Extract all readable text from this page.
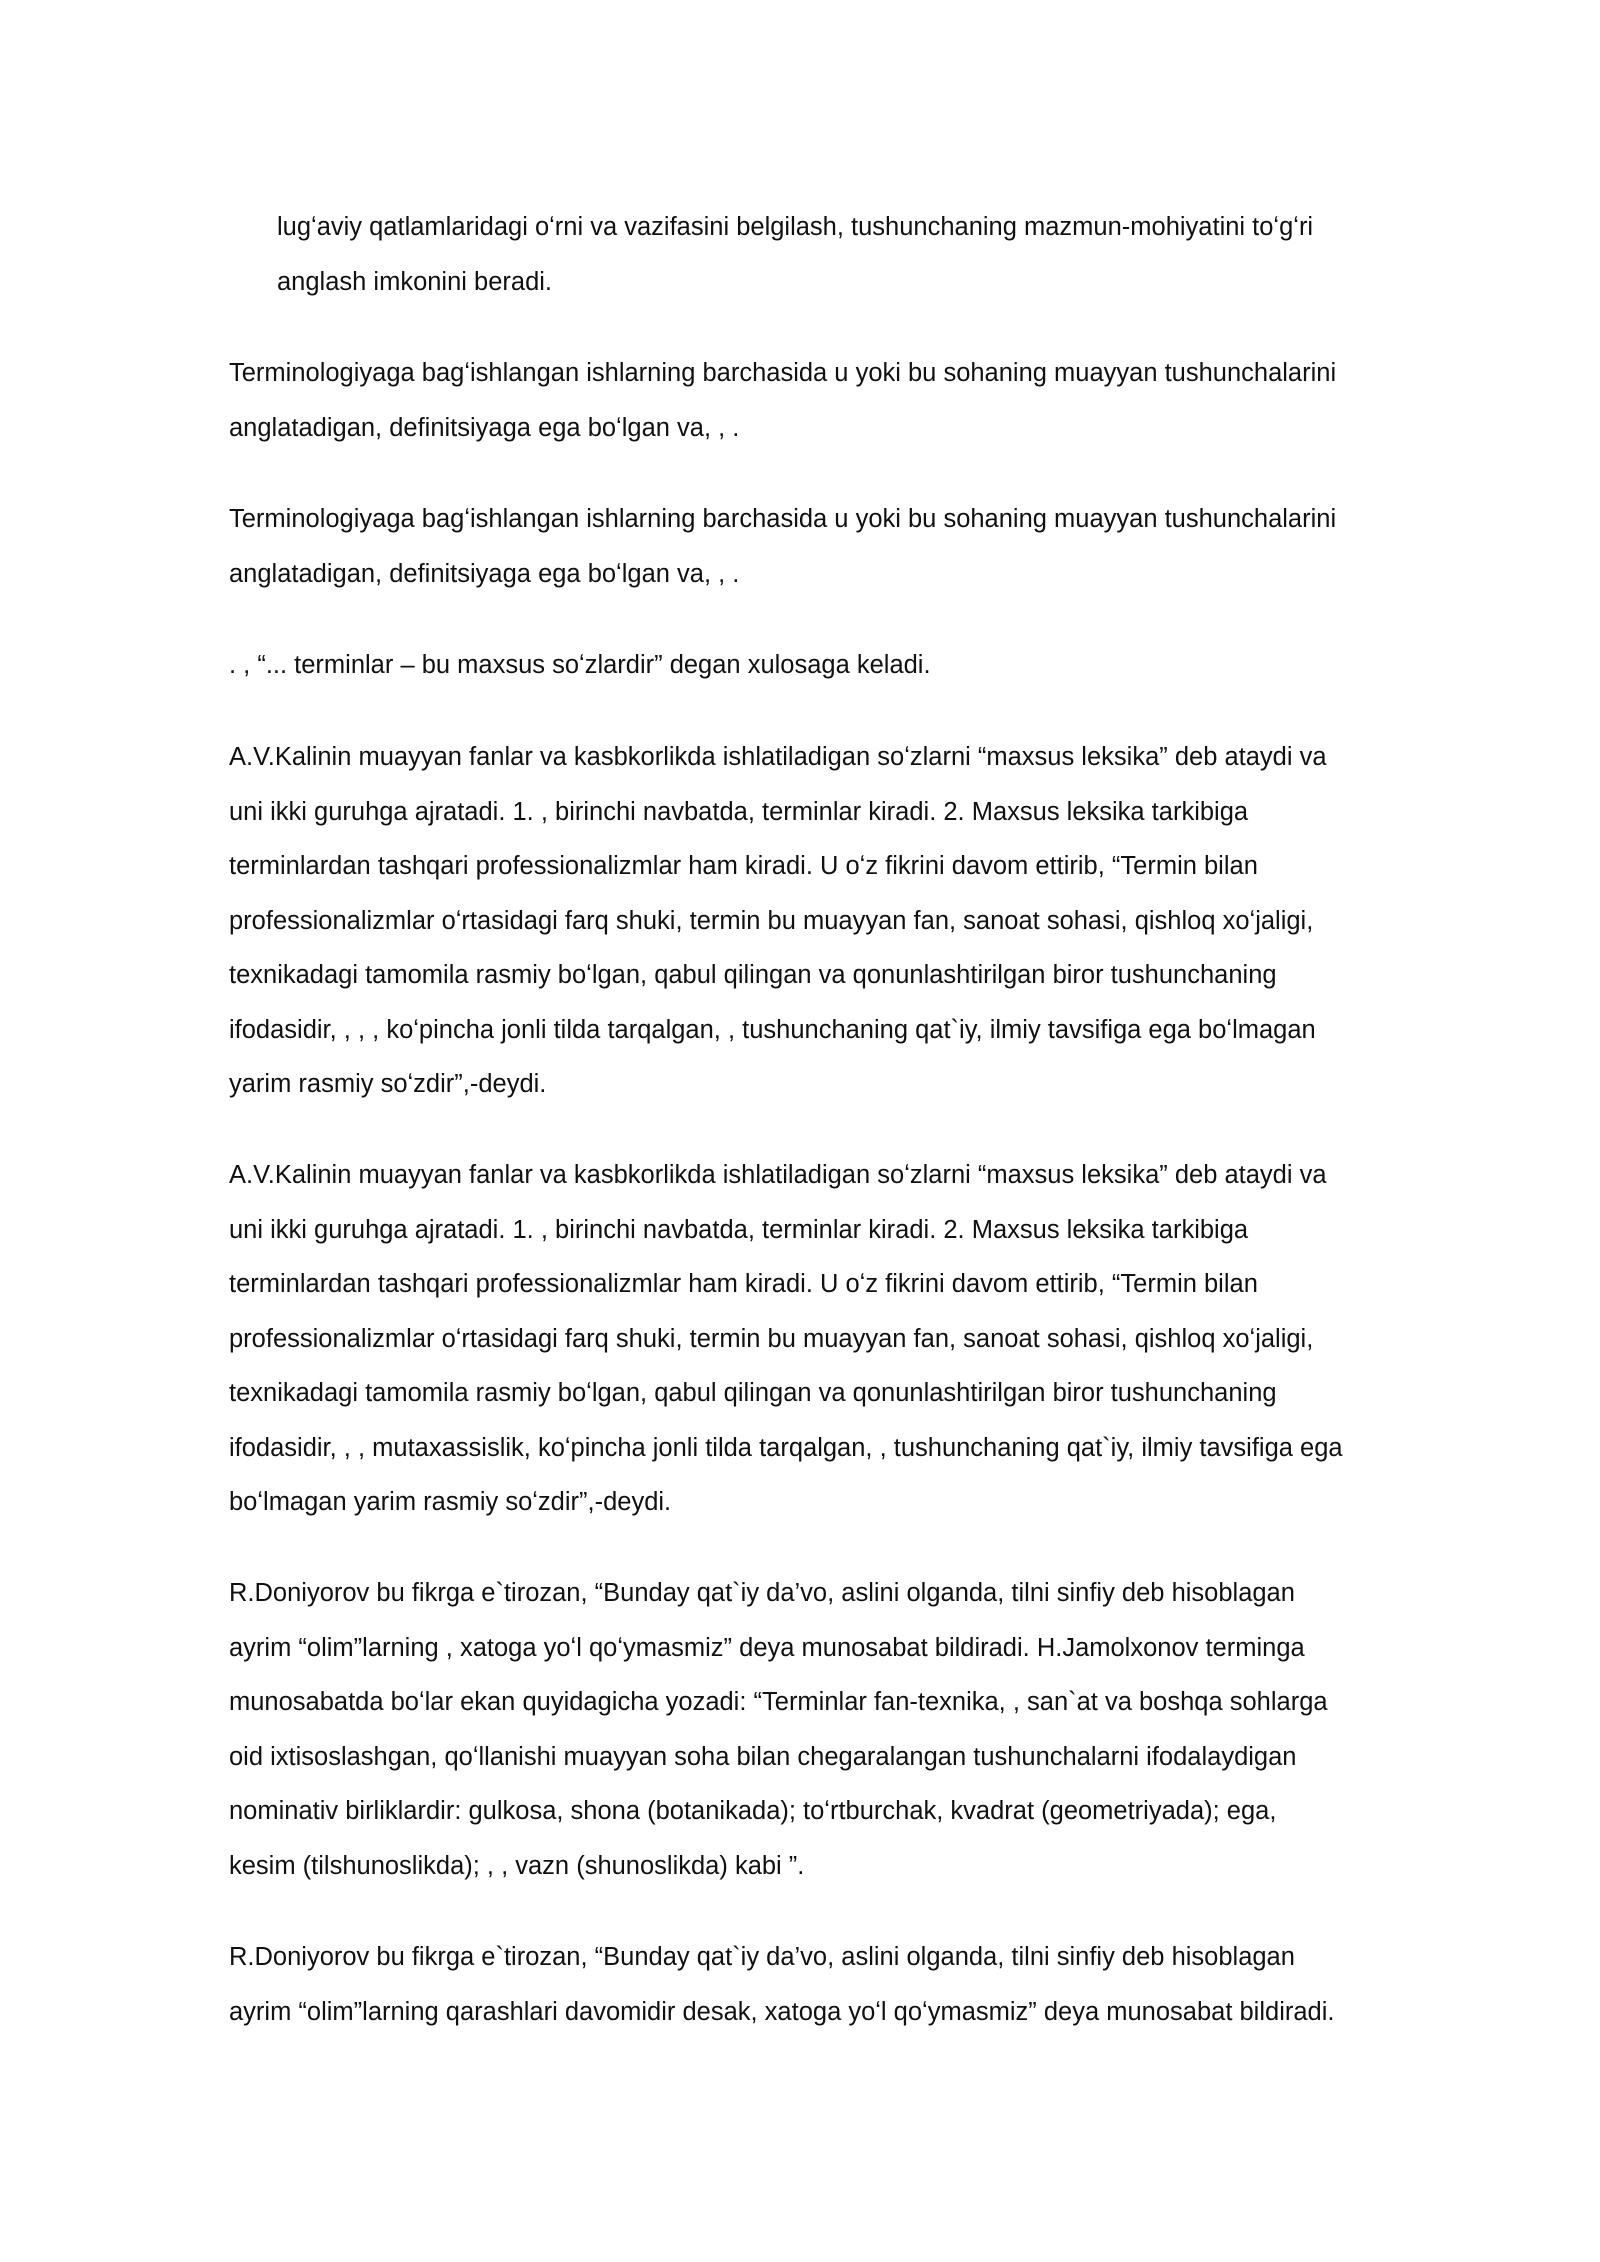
lugʻaviy qatlamlaridagi oʻrni va vazifasini belgilash, tushunchaning mazmun-mohiyatini toʻgʻri
anglash imkonini beradi.
Terminologiyaga bagʻishlangan ishlarning barchasida u yoki bu sohaning muayyan tushunchalarini
anglatadigan, definitsiyaga ega boʻlgan va, , .
Terminologiyaga bagʻishlangan ishlarning barchasida u yoki bu sohaning muayyan tushunchalarini
anglatadigan, definitsiyaga ega boʻlgan va, , .
. , “... terminlar – bu maxsus soʻzlardir” degan xulosaga keladi.
A.V.Kalinin muayyan fanlar va kasbkorlikda ishlatiladigan soʻzlarni “maxsus leksika” deb ataydi va
uni ikki guruhga ajratadi. 1. , birinchi navbatda, terminlar kiradi. 2. Maxsus leksika tarkibiga
terminlardan tashqari professionalizmlar ham kiradi. U oʻz fikrini davom ettirib, “Termin bilan
professionalizmlar oʻrtasidagi farq shuki, termin bu muayyan fan, sanoat sohasi, qishloq xoʻjaligi,
texnikadagi tamomila rasmiy boʻlgan, qabul qilingan va qonunlashtirilgan biror tushunchaning
ifodasidir, , , , koʻpincha jonli tilda tarqalgan, , tushunchaning qat`iy, ilmiy tavsifiga ega boʻlmagan
yarim rasmiy soʻzdir”,-deydi.
A.V.Kalinin muayyan fanlar va kasbkorlikda ishlatiladigan soʻzlarni “maxsus leksika” deb ataydi va
uni ikki guruhga ajratadi. 1. , birinchi navbatda, terminlar kiradi. 2. Maxsus leksika tarkibiga
terminlardan tashqari professionalizmlar ham kiradi. U oʻz fikrini davom ettirib, “Termin bilan
professionalizmlar oʻrtasidagi farq shuki, termin bu muayyan fan, sanoat sohasi, qishloq xoʻjaligi,
texnikadagi tamomila rasmiy boʻlgan, qabul qilingan va qonunlashtirilgan biror tushunchaning
ifodasidir, , , mutaxassislik, koʻpincha jonli tilda tarqalgan, , tushunchaning qat`iy, ilmiy tavsifiga ega
boʻlmagan yarim rasmiy soʻzdir”,-deydi.
R.Doniyorov bu fikrga e`tirozan, “Bunday qat`iy da’vo, aslini olganda, tilni sinfiy deb hisoblagan
ayrim “olim”larning , xatoga yoʻl qoʻymasmiz” deya munosabat bildiradi. H.Jamolxonov terminga
munosabatda boʻlar ekan quyidagicha yozadi: “Terminlar fan-texnika, , san`at va boshqa sohlarga
oid ixtisoslashgan, qoʻllanishi muayyan soha bilan chegaralangan tushunchalarni ifodalaydigan
nominativ birliklardir: gulkosa, shona (botanikada); toʻrtburchak, kvadrat (geometriyada); ega,
kesim (tilshunoslikda); , , vazn (shunoslikda) kabi ”.
R.Doniyorov bu fikrga e`tirozan, “Bunday qat`iy da’vo, aslini olganda, tilni sinfiy deb hisoblagan
ayrim “olim”larning qarashlari davomidir desak, xatoga yoʻl qoʻymasmiz” deya munosabat bildiradi.
